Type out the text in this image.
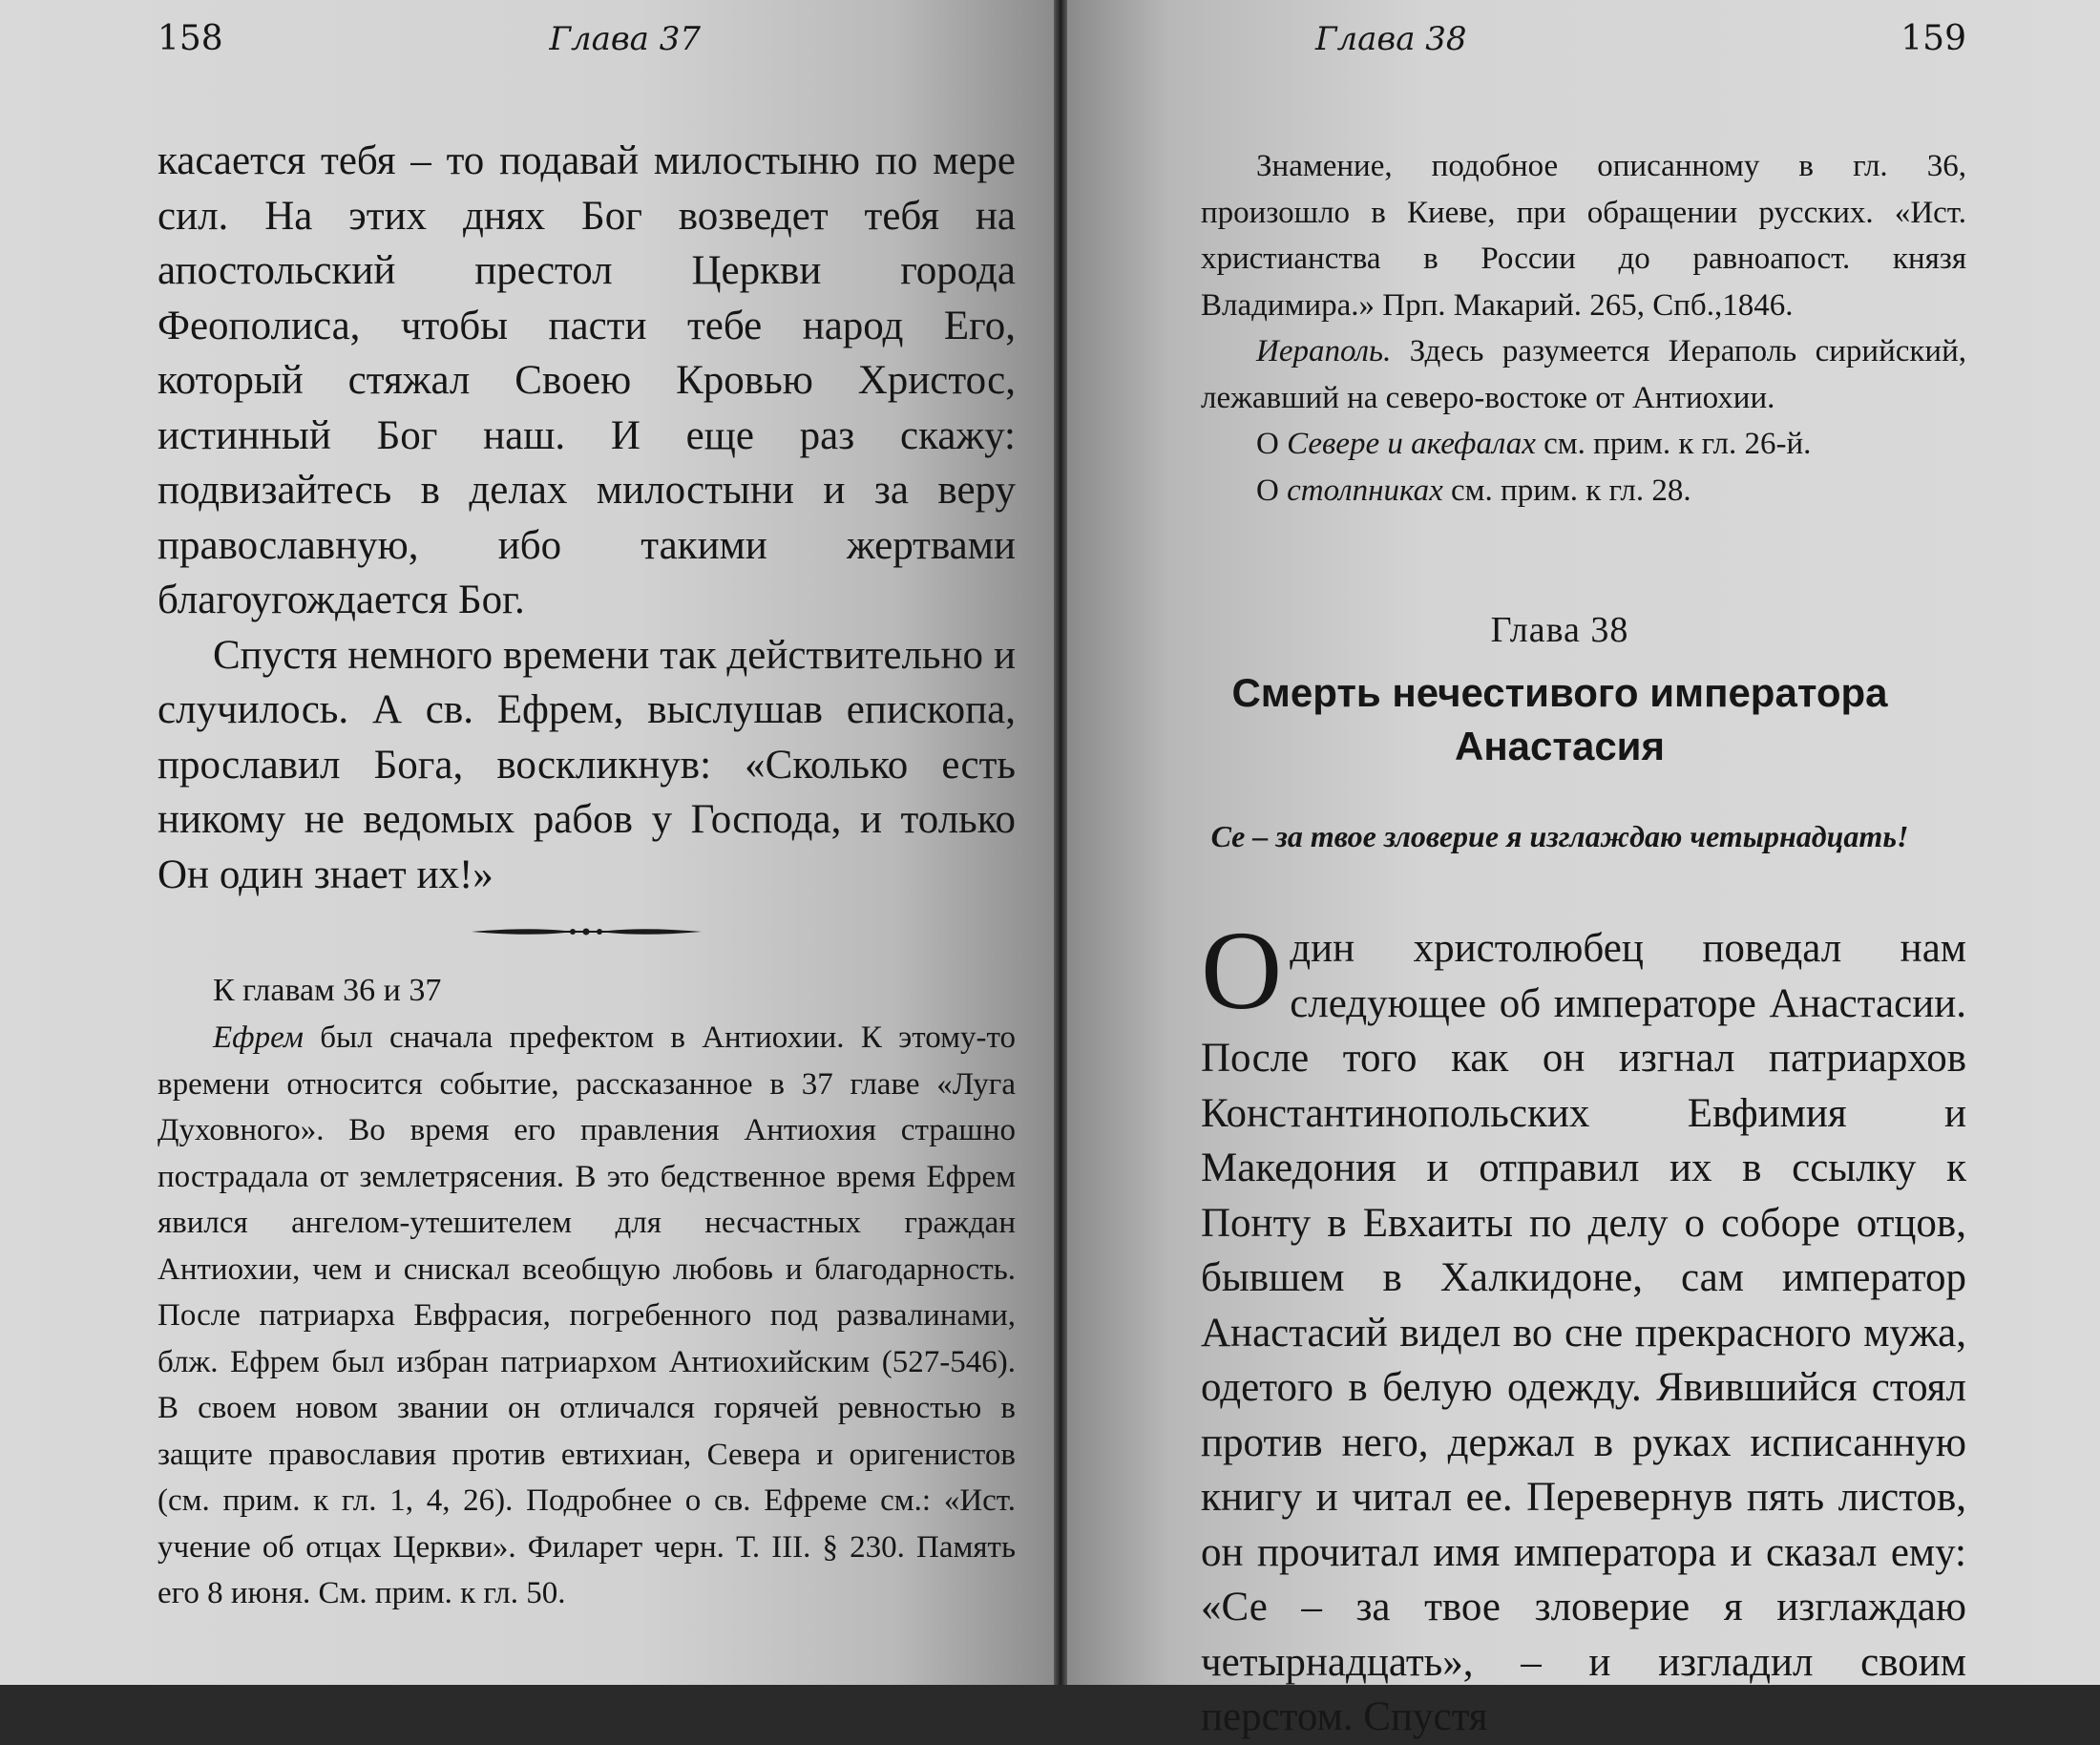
158	Глава 37

касается тебя – то подавай милостыню по мере сил. На этих днях Бог возведет тебя на апостольский престол Церкви города Феополиса, чтобы пасти тебе народ Его, который стяжал Своею Кровью Христос, истинный Бог наш. И еще раз скажу: подвизайтесь в делах милостыни и за веру православную, ибо такими жертвами благоугождается Бог.

Спустя немного времени так действительно и случилось. А св. Ефрем, выслушав епископа, прославил Бога, воскликнув: «Сколько есть никому не ведомых рабов у Господа, и только Он один знает их!»

К главам 36 и 37

Ефрем был сначала префектом в Антиохии. К этому-то времени относится событие, рассказанное в 37 главе «Луга Духовного». Во время его правления Антиохия страшно пострадала от землетрясения. В это бедственное время Ефрем явился ангелом-утешителем для несчастных граждан Антиохии, чем и снискал всеобщую любовь и благодарность. После патриарха Евфрасия, погребенного под развалинами, блж. Ефрем был избран патриархом Антиохийским (527-546). В своем новом звании он отличался горячей ревностью в защите православия против евтихиан, Севера и оригенистов (см. прим. к гл. 1, 4, 26). Подробнее о св. Ефреме см.: «Ист. учение об отцах Церкви». Филарет черн. Т. III. § 230. Память его 8 июня. См. прим. к гл. 50.

Глава 38	159

Знамение, подобное описанному в гл. 36, произошло в Киеве, при обращении русских. «Ист. христианства в России до равноапост. князя Владимира.» Прп. Макарий. 265, Спб.,1846.

Иераполь. Здесь разумеется Иераполь сирийский, лежавший на северо-востоке от Антиохии.

О Севере и акефалах см. прим. к гл. 26-й.

О столпниках см. прим. к гл. 28.

Глава 38

Смерть нечестивого императора
Анастасия

Се – за твое зловерие я изглаждаю четырнадцать!

Один христолюбец поведал нам следующее об императоре Анастасии. После того как он изгнал патриархов Константинопольских Евфимия и Македония и отправил их в ссылку к Понту в Евхаиты по делу о соборе отцов, бывшем в Халкидоне, сам император Анастасий видел во сне прекрасного мужа, одетого в белую одежду. Явившийся стоял против него, держал в руках исписанную книгу и читал ее. Перевернув пять листов, он прочитал имя императора и сказал ему: «Се – за твое зловерие я изглаждаю четырнадцать», – и изгладил своим перстом. Спустя
